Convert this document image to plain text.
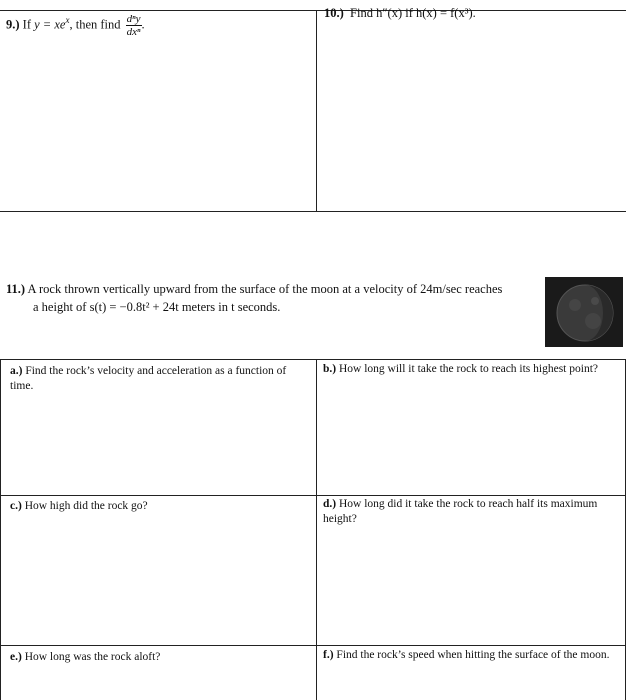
9.) If $y = xe^x$, then find $\frac{\text{dⁿy}}{\text{dxⁿ}}$ .
10.) Find h″(x) if h(x) = f(x³).
11.) A rock thrown vertically upward from the surface of the moon at a velocity of 24m/sec reaches
a height of s(t) = −0.8t² + 24t meters in t seconds.
a.) Find the rock’s velocity and acceleration as a function of time.
b.) How long will it take the rock to reach its highest point?
c.) How high did the rock go?	d.) How long did it take the rock to reach half its maximum height?
e.) How long was the rock aloft?	f.) Find the rock’s speed when hitting the surface of the moon.
